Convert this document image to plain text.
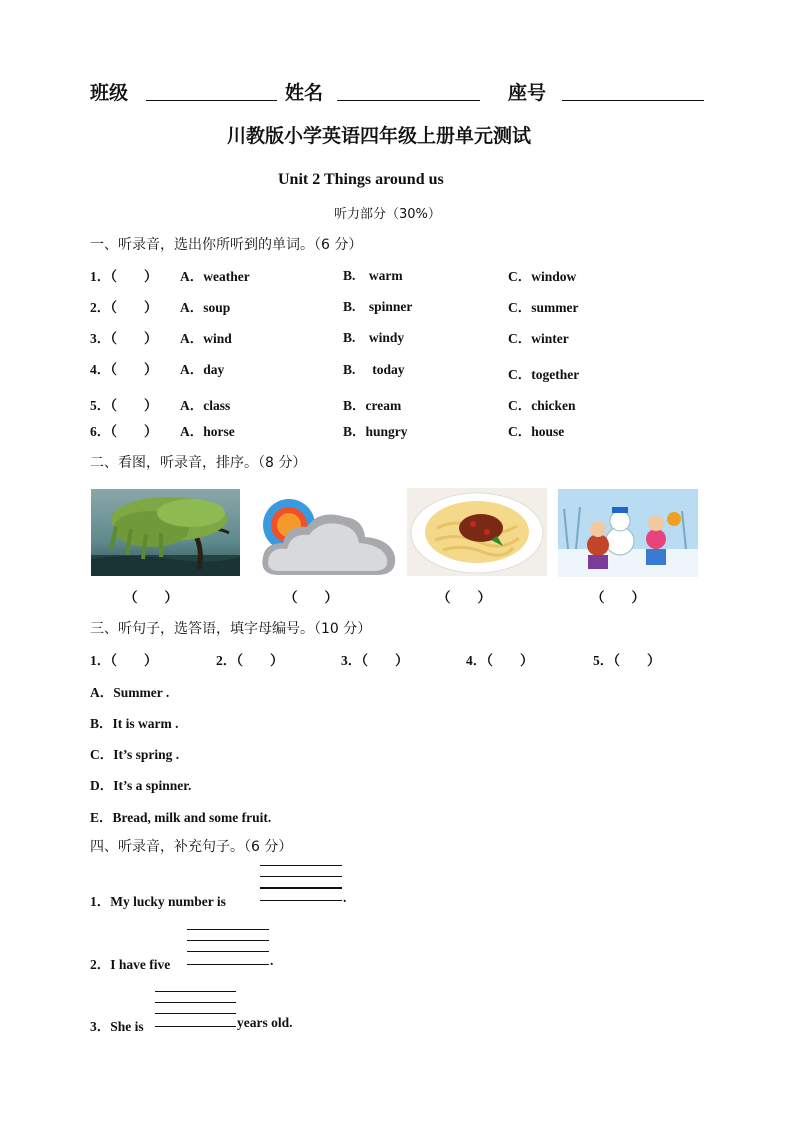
班级	姓名	座号
川教版小学英语四年级上册单元测试
Unit 2 Things around us
听力部分（30%）
一、听录音，选出你所听到的单词。（6 分）
1．（　　） A．weather	B.　warm	C．window
2．（　　） A．soup	B.　spinner	C．summer
3．（　　） A．wind	B.　windy	C．winter
4．（　　） A．day	B.　 today	C．together
5．（　　） A．class	B．cream	C．chicken
6．（　　） A．horse	B．hungry	C．house
二、看图，听录音，排序。（8 分）
（　　）	（　　）	（　　）	（　　）
三、听句子，选答语，填字母编号。（10 分）
1．（　　）	2．（　　）	3．（　　）	4．（　　）	5．（　　）
A．Summer .
B．It is warm .
C．It’s spring .
D．It’s a spinner.
E．Bread, milk and some fruit.
四、听录音，补充句子。（6 分）
1．My lucky number is	.
2．I have five	.
3．She is	years old.
